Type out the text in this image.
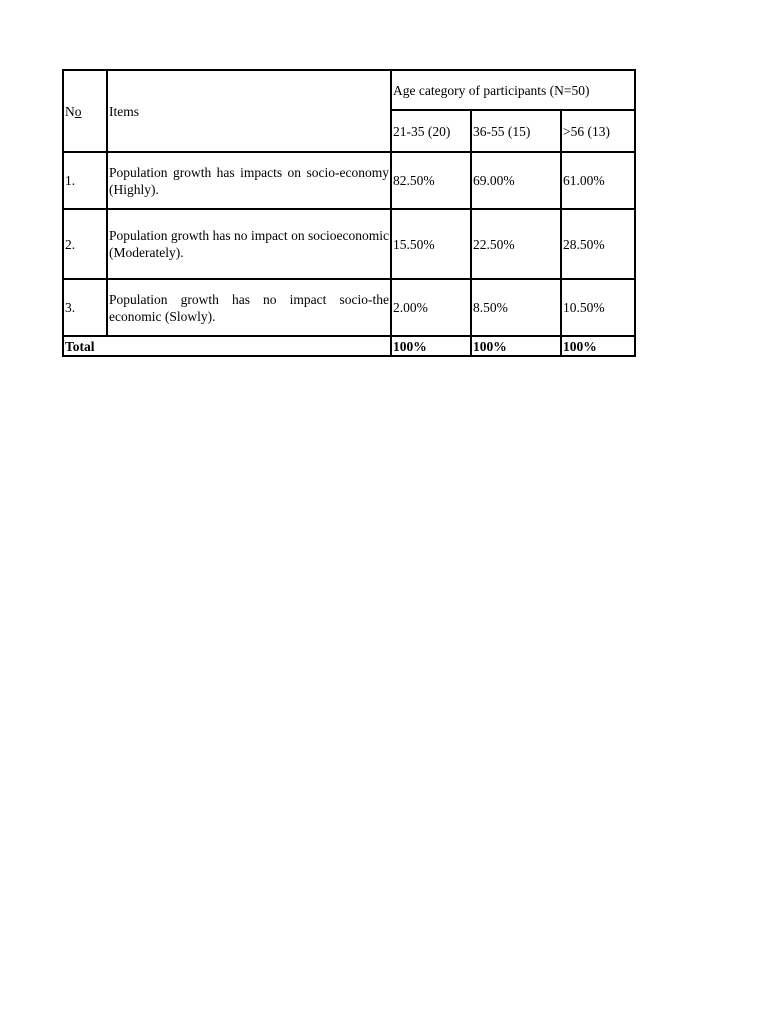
No	Items	Age category of participants (N=50)		
		21-35 (20)	36-55 (15)	>56 (13)
1.	Population growth has impacts on socio-economy (Highly).	82.50%	69.00%	61.00%
2.	Population growth has no impact on socioeconomic (Moderately).	15.50%	22.50%	28.50%
3.	Population growth has no impact socio-the economic (Slowly).	2.00%	8.50%	10.50%
Total		100%	100%	100%
